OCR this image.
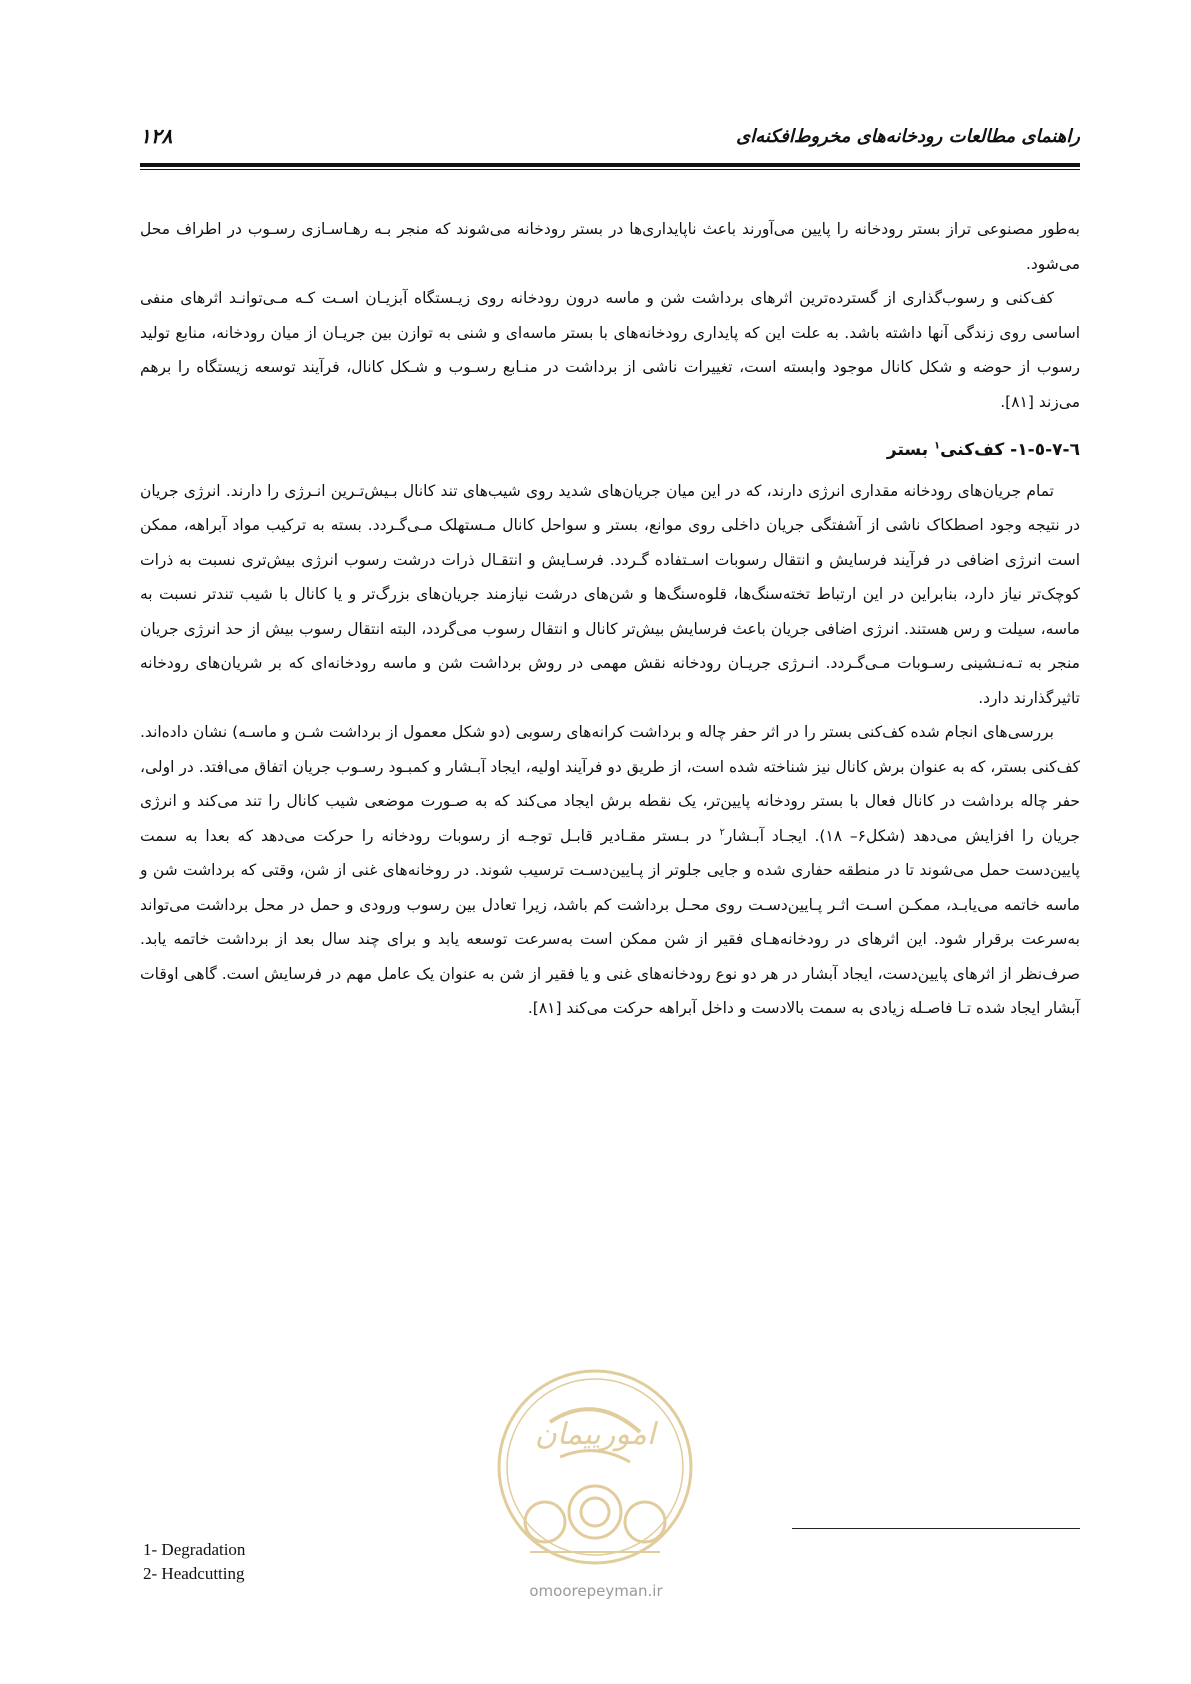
راهنمای مطالعات رودخانه‌های مخروط‌افکنه‌ای
۱۲۸

به‌طور مصنوعی تراز بستر رودخانه را پایین می‌آورند باعث ناپایداری‌ها در بستر رودخانه می‌شوند که منجر بـه رهـاسـازی رسـوب در اطراف محل می‌شود.

کف‌کنی و رسوب‌گذاری از گسترده‌ترین اثرهای برداشت شن و ماسه درون رودخانه روی زیـستگاه آبزیـان اسـت کـه مـی‌توانـد اثرهای منفی اساسی روی زندگی آنها داشته باشد. به علت این که پایداری رودخانه‌های با بستر ماسه‌ای و شنی به توازن بین جریـان از میان رودخانه، منابع تولید رسوب از حوضه و شکل کانال موجود وابسته است، تغییرات ناشی از برداشت در منـابع رسـوب و شـکل کانال، فرآیند توسعه زیستگاه را برهم می‌زند [۸۱].

٦-٧-٥-١- کف‌کنی$^۱$ بستر

تمام جریان‌های رودخانه مقداری انرژی دارند، که در این میان جریان‌های شدید روی شیب‌های تند کانال بـیش‌تـرین انـرژی را دارند. انرژی جریان در نتیجه وجود اصطکاک ناشی از آشفتگی جریان داخلی روی موانع، بستر و سواحل کانال مـستهلک مـی‌گـردد. بسته به ترکیب مواد آبراهه، ممکن است انرژی اضافی در فرآیند فرسایش و انتقال رسوبات اسـتفاده گـردد. فرسـایش و انتقـال ذرات درشت رسوب انرژی بیش‌تری نسبت به ذرات کوچک‌تر نیاز دارد، بنابراین در این ارتباط تخته‌سنگ‌ها، قلوه‌سنگ‌ها و شن‌های درشت نیازمند جریان‌های بزرگ‌تر و یا کانال با شیب تندتر نسبت به ماسه، سیلت و رس هستند. انرژی اضافی جریان باعث فرسایش بیش‌تر کانال و انتقال رسوب می‌گردد، البته انتقال رسوب بیش از حد انرژی جریان منجر به تـه‌نـشینی رسـوبات مـی‌گـردد. انـرژی جریـان رودخانه نقش مهمی در روش برداشت شن و ماسه رودخانه‌ای که بر شریان‌های رودخانه تاثیرگذارند دارد.

بررسی‌های انجام شده کف‌کنی بستر را در اثر حفر چاله و برداشت کرانه‌های رسوبی (دو شکل معمول از برداشت شـن و ماسـه) نشان داده‌اند. کف‌کنی بستر، که به عنوان برش کانال نیز شناخته شده است، از طریق دو فرآیند اولیه، ایجاد آبـشار و کمبـود رسـوب جریان اتفاق می‌افتد. در اولی، حفر چاله برداشت در کانال فعال با بستر رودخانه پایین‌تر، یک نقطه برش ایجاد می‌کند که به صـورت موضعی شیب کانال را تند می‌کند و انرژی جریان را افزایش می‌دهد (شکل۶– ۱۸). ایجـاد آبـشار$^۲$ در بـستر مقـادیر قابـل توجـه از رسوبات رودخانه را حرکت می‌دهد که بعدا به سمت پایین‌دست حمل می‌شوند تا در منطقه حفاری شده و جایی جلوتر از پـایین‌دسـت ترسیب شوند. در روخانه‌های غنی از شن، وقتی که برداشت شن و ماسه خاتمه می‌یابـد، ممکـن اسـت اثـر پـایین‌دسـت روی محـل برداشت کم باشد، زیرا تعادل بین رسوب ورودی و حمل در محل برداشت می‌تواند به‌سرعت برقرار شود. این اثرهای در رودخانه‌هـای فقیر از شن ممکن است به‌سرعت توسعه یابد و برای چند سال بعد از برداشت خاتمه یابد. صرف‌نظر از اثرهای پایین‌دست، ایجاد آبشار در هر دو نوع رودخانه‌های غنی و یا فقیر از شن به عنوان یک عامل مهم در فرسایش است. گاهی اوقات آبشار ایجاد شده تـا فاصـله زیادی به سمت بالادست و داخل آبراهه حرکت می‌کند [۸۱].

امورپیمان
omoorepeyman.ir
1- Degradation
2- Headcutting
